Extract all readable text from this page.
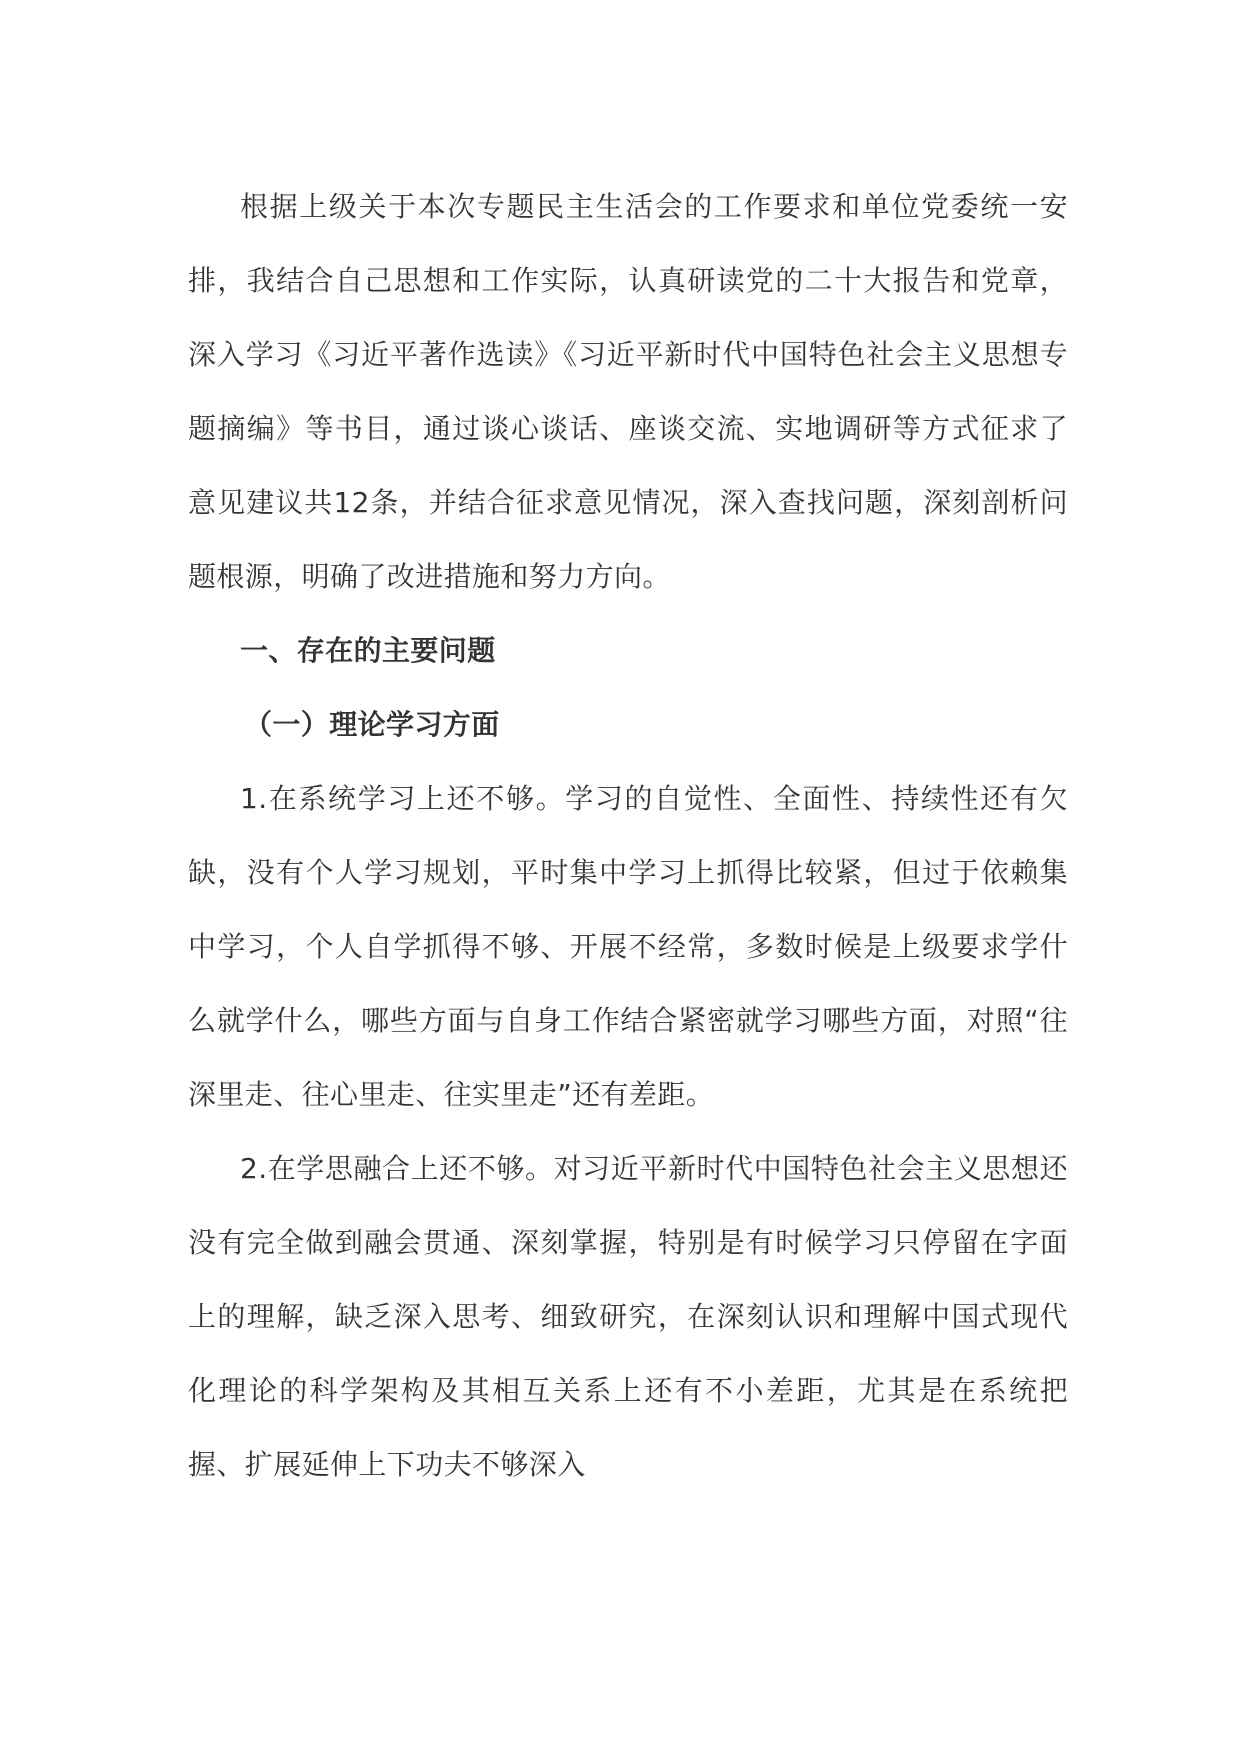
根据上级关于本次专题民主生活会的工作要求和单位党委统一安排，我结合自己思想和工作实际，认真研读党的二十大报告和党章，深入学习《习近平著作选读》《习近平新时代中国特色社会主义思想专题摘编》等书目，通过谈心谈话、座谈交流、实地调研等方式征求了意见建议共12条，并结合征求意见情况，深入查找问题，深刻剖析问题根源，明确了改进措施和努力方向。

一、存在的主要问题

（一）理论学习方面

1.在系统学习上还不够。学习的自觉性、全面性、持续性还有欠缺，没有个人学习规划，平时集中学习上抓得比较紧，但过于依赖集中学习，个人自学抓得不够、开展不经常，多数时候是上级要求学什么就学什么，哪些方面与自身工作结合紧密就学习哪些方面，对照“往深里走、往心里走、往实里走”还有差距。

2.在学思融合上还不够。对习近平新时代中国特色社会主义思想还没有完全做到融会贯通、深刻掌握，特别是有时候学习只停留在字面上的理解，缺乏深入思考、细致研究，在深刻认识和理解中国式现代化理论的科学架构及其相互关系上还有不小差距，尤其是在系统把握、扩展延伸上下功夫不够深入
